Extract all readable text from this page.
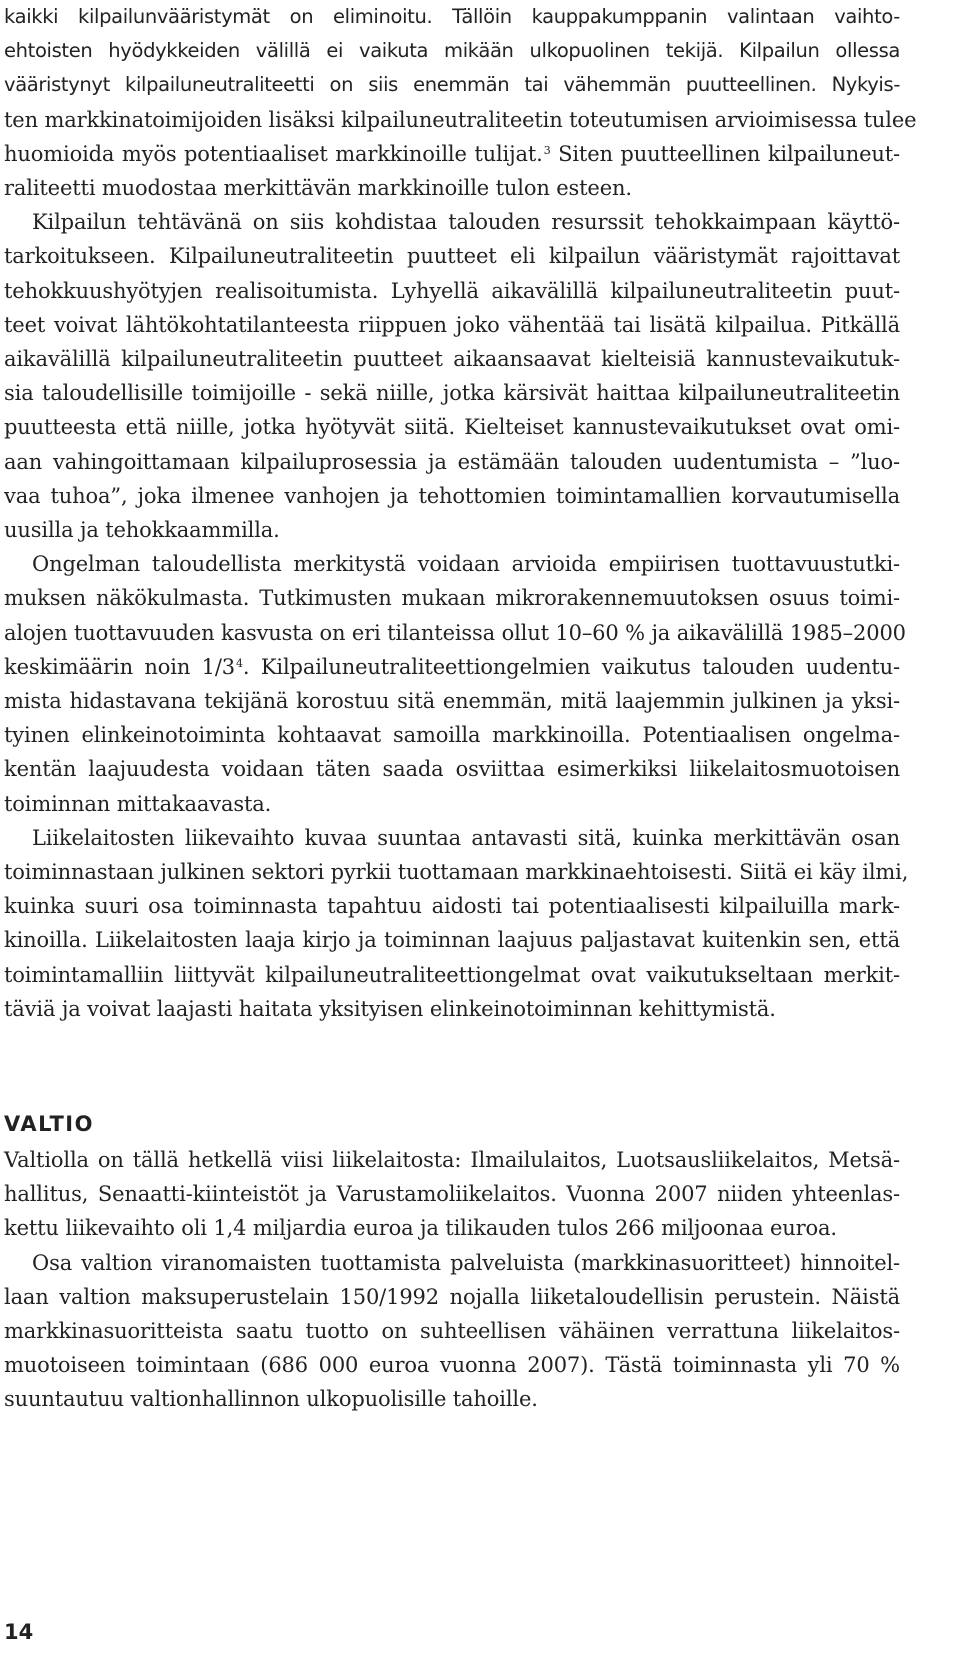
kaikki kilpailunvääristymät on eliminoitu. Tällöin kauppakumppanin valintaan vaihto-
ehtoisten hyödykkeiden välillä ei vaikuta mikään ulkopuolinen tekijä. Kilpailun ollessa
vääristynyt kilpailuneutraliteetti on siis enemmän tai vähemmän puutteellinen. Nykyis-
ten markkinatoimijoiden lisäksi kilpailuneutraliteetin toteutumisen arvioimisessa tulee
huomioida myös potentiaaliset markkinoille tulijat.$^3$ Siten puutteellinen kilpailuneut-
raliteetti muodostaa merkittävän markkinoille tulon esteen.
Kilpailun tehtävänä on siis kohdistaa talouden resurssit tehokkaimpaan käyttö-
tarkoitukseen. Kilpailuneutraliteetin puutteet eli kilpailun vääristymät rajoittavat
tehokkuushyötyjen realisoitumista. Lyhyellä aikavälillä kilpailuneutraliteetin puut-
teet voivat lähtökohtatilanteesta riippuen joko vähentää tai lisätä kilpailua. Pitkällä
aikavälillä kilpailuneutraliteetin puutteet aikaansaavat kielteisiä kannustevaikutuk-
sia taloudellisille toimijoille - sekä niille, jotka kärsivät haittaa kilpailuneutraliteetin
puutteesta että niille, jotka hyötyvät siitä. Kielteiset kannustevaikutukset ovat omi-
aan vahingoittamaan kilpailuprosessia ja estämään talouden uudentumista – ”luo-
vaa tuhoa”, joka ilmenee vanhojen ja tehottomien toimintamallien korvautumisella
uusilla ja tehokkaammilla.
Ongelman taloudellista merkitystä voidaan arvioida empiirisen tuottavuustutki-
muksen näkökulmasta. Tutkimusten mukaan mikrorakennemuutoksen osuus toimi-
alojen tuottavuuden kasvusta on eri tilanteissa ollut 10–60 % ja aikavälillä 1985–2000
keskimäärin noin $1/3^4$. Kilpailuneutraliteettiongelmien vaikutus talouden uudentu-
mista hidastavana tekijänä korostuu sitä enemmän, mitä laajemmin julkinen ja yksi-
tyinen elinkeinotoiminta kohtaavat samoilla markkinoilla. Potentiaalisen ongelma-
kentän laajuudesta voidaan täten saada osviittaa esimerkiksi liikelaitosmuotoisen
toiminnan mittakaavasta.
Liikelaitosten liikevaihto kuvaa suuntaa antavasti sitä, kuinka merkittävän osan
toiminnastaan julkinen sektori pyrkii tuottamaan markkinaehtoisesti. Siitä ei käy ilmi,
kuinka suuri osa toiminnasta tapahtuu aidosti tai potentiaalisesti kilpailuilla mark-
kinoilla. Liikelaitosten laaja kirjo ja toiminnan laajuus paljastavat kuitenkin sen, että
toimintamalliin liittyvät kilpailuneutraliteettiongelmat ovat vaikutukseltaan merkit-
täviä ja voivat laajasti haitata yksityisen elinkeinotoiminnan kehittymistä.
VALTIO
Valtiolla on tällä hetkellä viisi liikelaitosta: Ilmailulaitos, Luotsausliikelaitos, Metsä-
hallitus, Senaatti-kiinteistöt ja Varustamoliikelaitos. Vuonna 2007 niiden yhteenlas-
kettu liikevaihto oli 1,4 miljardia euroa ja tilikauden tulos 266 miljoonaa euroa.
Osa valtion viranomaisten tuottamista palveluista (markkinasuoritteet) hinnoitel-
laan valtion maksuperustelain 150/1992 nojalla liiketaloudellisin perustein. Näistä
markkinasuoritteista saatu tuotto on suhteellisen vähäinen verrattuna liikelaitos-
muotoiseen toimintaan (686 000 euroa vuonna 2007). Tästä toiminnasta yli 70 %
suuntautuu valtionhallinnon ulkopuolisille tahoille.
14
